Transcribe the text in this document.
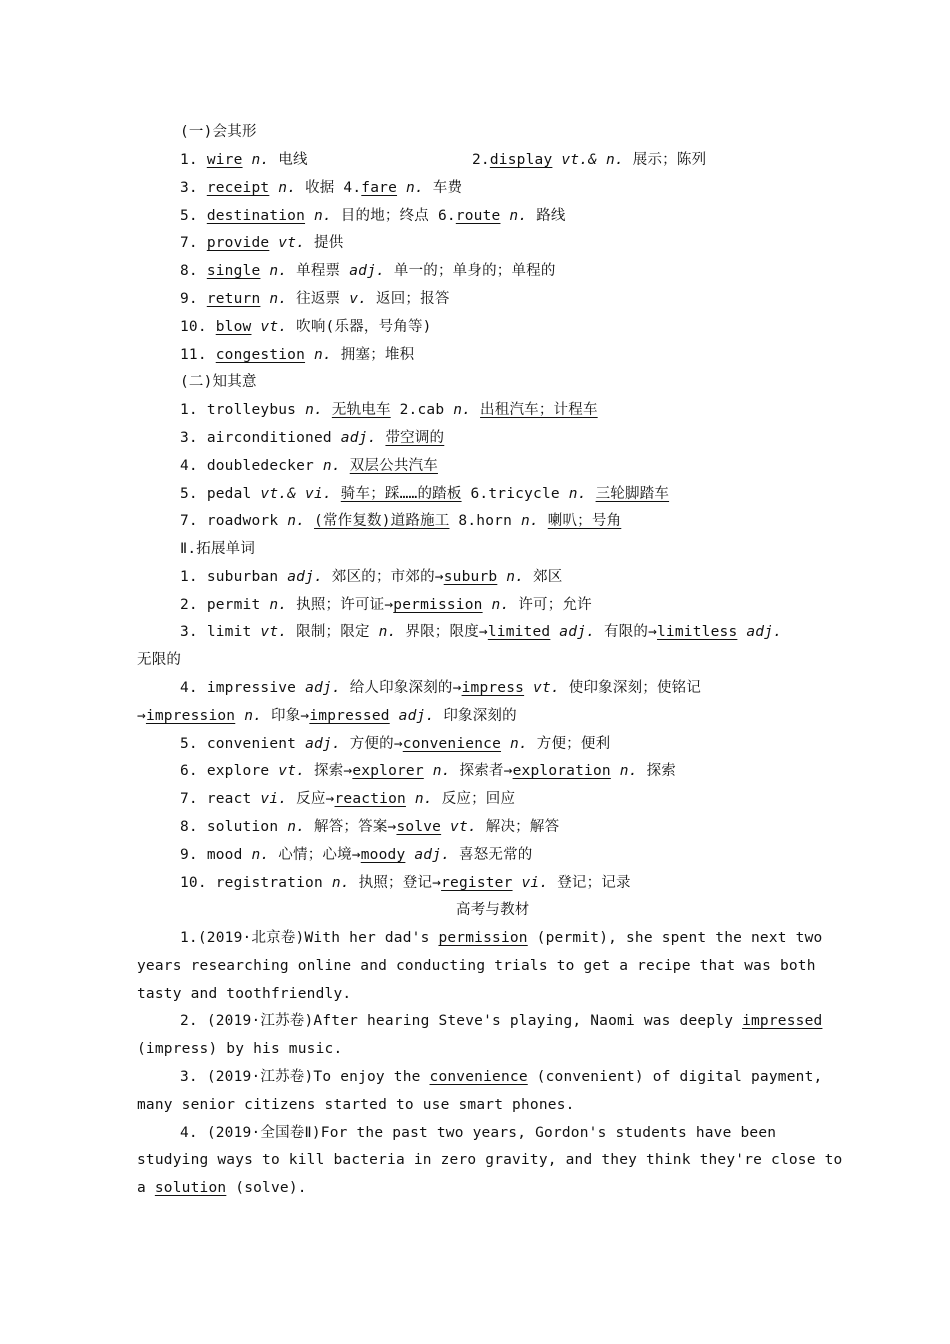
(一)会其形
1. wire n. 电线	2.display vt.& n. 展示；陈列
3. receipt n. 收据 4.fare n. 车费
5. destination n. 目的地；终点 6.route n. 路线
7. provide vt. 提供
8. single n. 单程票 adj. 单一的；单身的；单程的
9. return n. 往返票 v. 返回；报答
10. blow vt. 吹响(乐器，号角等)
11. congestion n. 拥塞；堆积
(二)知其意
1. trolleybus n. 无轨电车 2.cab n. 出租汽车；计程车
3. airconditioned adj. 带空调的
4. doubledecker n. 双层公共汽车
5. pedal vt.& vi. 骑车；踩……的踏板 6.tricycle n. 三轮脚踏车
7. roadwork n. (常作复数)道路施工 8.horn n. 喇叭；号角
Ⅱ.拓展单词
1. suburban adj. 郊区的；市郊的→suburb n. 郊区
2. permit n. 执照；许可证→permission n. 许可；允许
3. limit vt. 限制；限定 n. 界限；限度→limited adj. 有限的→limitless adj.
无限的
4. impressive adj. 给人印象深刻的→impress vt. 使印象深刻；使铭记
→impression n. 印象→impressed adj. 印象深刻的
5. convenient adj. 方便的→convenience n. 方便；便利
6. explore vt. 探索→explorer n. 探索者→exploration n. 探索
7. react vi. 反应→reaction n. 反应；回应
8. solution n. 解答；答案→solve vt. 解决；解答
9. mood n. 心情；心境→moody adj. 喜怒无常的
10. registration n. 执照；登记→register vi. 登记；记录
高考与教材
1.(2019·北京卷)With her dad's permission (permit), she spent the next two
years researching online and conducting trials to get a recipe that was both
tasty and toothfriendly.
2. (2019·江苏卷)After hearing Steve's playing, Naomi was deeply impressed
(impress) by his music.
3. (2019·江苏卷)To enjoy the convenience (convenient) of digital payment,
many senior citizens started to use smart phones.
4. (2019·全国卷Ⅱ)For the past two years, Gordon's students have been
studying ways to kill bacteria in zero gravity, and they think they're close to
a solution (solve).
